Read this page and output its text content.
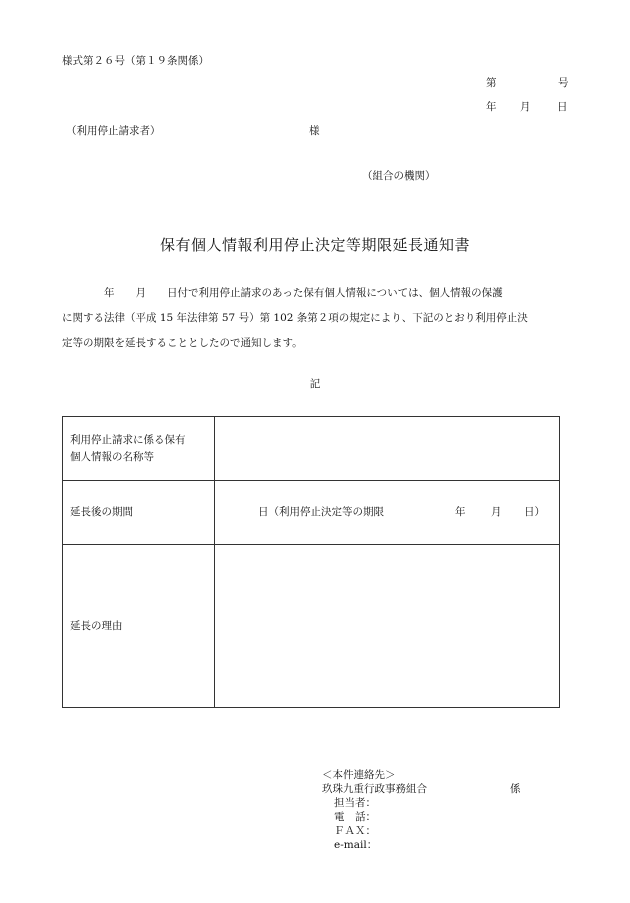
様式第２６号（第１９条関係）
第	号
年 月	日
（利用停止請求者）	様
（組合の機関）
保有個人情報利用停止決定等期限延長通知書
　　　　年　　月　　日付で利用停止請求のあった保有個人情報については、個人情報の保護
に関する法律（平成 15 年法律第 57 号）第 102 条第２項の規定により、下記のとおり利用停止決
定等の期限を延長することとしたので通知します。
記
利用停止請求に係る保有
個人情報の名称等	

延長後の期間	日（利用停止決定等の期限 年 月 日）

延長の理由	
＜本件連絡先＞
玖珠九重行政事務組合	係
担当者：
電　話：
ＦＡＸ：
e-mail：
